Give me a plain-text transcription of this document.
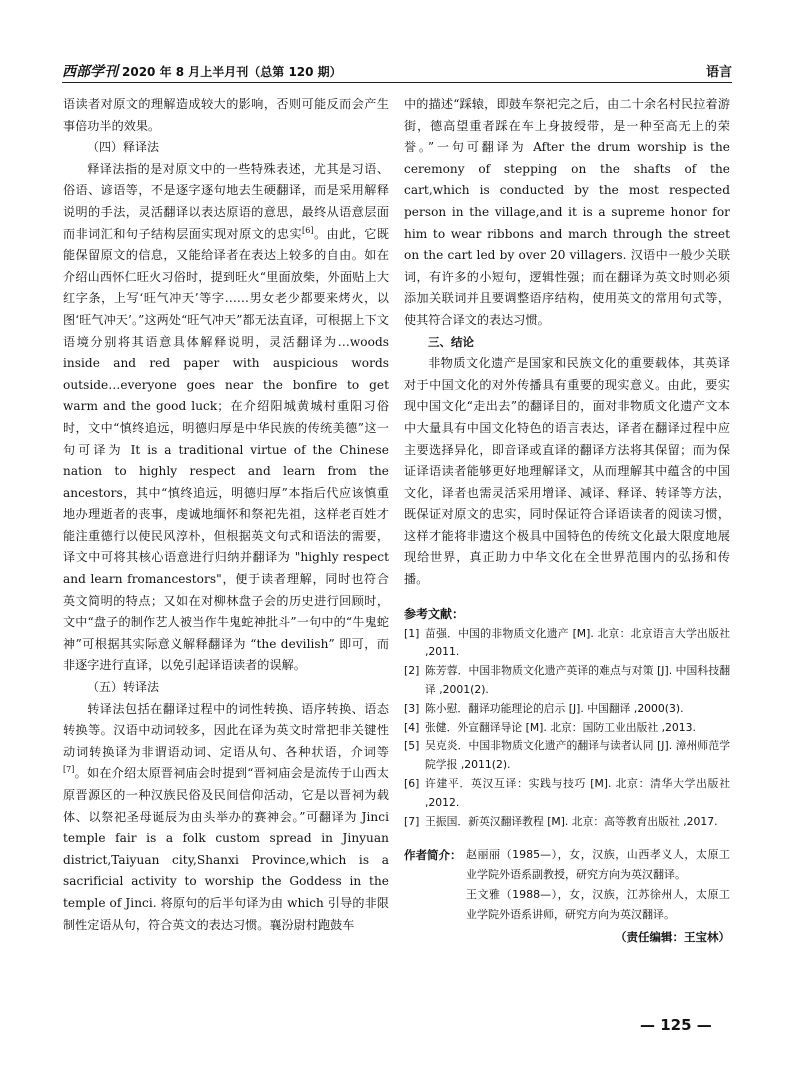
西部学刊 2020 年 8 月上半月刊（总第 120 期）	语言

语读者对原文的理解造成较大的影响，否则可能反而会产生事倍功半的效果。

（四）释译法

释译法指的是对原文中的一些特殊表述，尤其是习语、俗语、谚语等，不是逐字逐句地去生硬翻译，而是采用解释说明的手法，灵活翻译以表达原语的意思，最终从语意层面而非词汇和句子结构层面实现对原文的忠实[6]。由此，它既能保留原文的信息，又能给译者在表达上较多的自由。如在介绍山西怀仁旺火习俗时，提到旺火“里面放柴，外面贴上大红字条，上写‘旺气冲天’等字……男女老少都要来烤火，以图‘旺气冲天’。”这两处“旺气冲天”都无法直译，可根据上下文语境分别将其语意具体解释说明，灵活翻译为…woods inside and red paper with auspicious words outside…everyone goes near the bonfire to get warm and the good luck；在介绍阳城黄城村重阳习俗时，文中“慎终追远，明德归厚是中华民族的传统美德”这一句可译为 It is a traditional virtue of the Chinese nation to highly respect and learn from the ancestors，其中“慎终追远，明德归厚”本指后代应该慎重地办理逝者的丧事，虔诚地缅怀和祭祀先祖，这样老百姓才能注重德行以使民风淳朴，但根据英文句式和语法的需要，译文中可将其核心语意进行归纳并翻译为 "highly respect and learn fromancestors"，便于读者理解，同时也符合英文简明的特点；又如在对柳林盘子会的历史进行回顾时，文中“盘子的制作艺人被当作牛鬼蛇神批斗”一句中的“牛鬼蛇神”可根据其实际意义解释翻译为 “the devilish” 即可，而非逐字进行直译，以免引起译语读者的误解。

（五）转译法

转译法包括在翻译过程中的词性转换、语序转换、语态转换等。汉语中动词较多，因此在译为英文时常把非关键性动词转换译为非谓语动词、定语从句、各种状语，介词等[7]。如在介绍太原晋祠庙会时提到“晋祠庙会是流传于山西太原晋源区的一种汉族民俗及民间信仰活动，它是以晋祠为载体、以祭祀圣母诞辰为由头举办的赛神会。”可翻译为 Jinci temple fair is a folk custom spread in Jinyuan district,Taiyuan city,Shanxi Province,which is a sacrificial activity to worship the Goddess in the temple of Jinci. 将原句的后半句译为由 which 引导的非限制性定语从句，符合英文的表达习惯。襄汾尉村跑鼓车

中的描述“踩辕，即鼓车祭祀完之后，由二十余名村民拉着游街，德高望重者踩在车上身披绶带，是一种至高无上的荣誉。”一句可翻译为 After the drum worship is the ceremony of stepping on the shafts of the cart,which is conducted by the most respected person in the village,and it is a supreme honor for him to wear ribbons and march through the street on the cart led by over 20 villagers. 汉语中一般少关联词，有许多的小短句，逻辑性强；而在翻译为英文时则必须添加关联词并且要调整语序结构，使用英文的常用句式等，使其符合译文的表达习惯。

三、结论

非物质文化遗产是国家和民族文化的重要载体，其英译对于中国文化的对外传播具有重要的现实意义。由此，要实现中国文化“走出去”的翻译目的，面对非物质文化遗产文本中大量具有中国文化特色的语言表达，译者在翻译过程中应主要选择异化，即音译或直译的翻译方法将其保留；而为保证译语读者能够更好地理解译文，从而理解其中蕴含的中国文化，译者也需灵活采用增译、减译、释译、转译等方法，既保证对原文的忠实，同时保证符合译语读者的阅读习惯，这样才能将非遗这个极具中国特色的传统文化最大限度地展现给世界，真正助力中华文化在全世界范围内的弘扬和传播。

参考文献：
[1] 苗强．中国的非物质文化遗产 [M]. 北京：北京语言大学出版社 ,2011.
[2] 陈芳蓉．中国非物质文化遗产英译的难点与对策 [J]. 中国科技翻译 ,2001(2).
[3] 陈小慰．翻译功能理论的启示 [J]. 中国翻译 ,2000(3).
[4] 张健．外宣翻译导论 [M]. 北京：国防工业出版社 ,2013.
[5] 吴克炎．中国非物质文化遗产的翻译与读者认同 [J]. 漳州师范学院学报 ,2011(2).
[6] 许建平．英汉互译：实践与技巧 [M]. 北京：清华大学出版社 ,2012.
[7] 王振国．新英汉翻译教程 [M]. 北京：高等教育出版社 ,2017.
作者简介： 赵丽丽（1985—），女，汉族，山西孝义人，太原工业学院外语系副教授，研究方向为英汉翻译。
王文雅（1988—），女，汉族，江苏徐州人，太原工业学院外语系讲师，研究方向为英汉翻译。
（责任编辑：王宝林）
— 125 —
